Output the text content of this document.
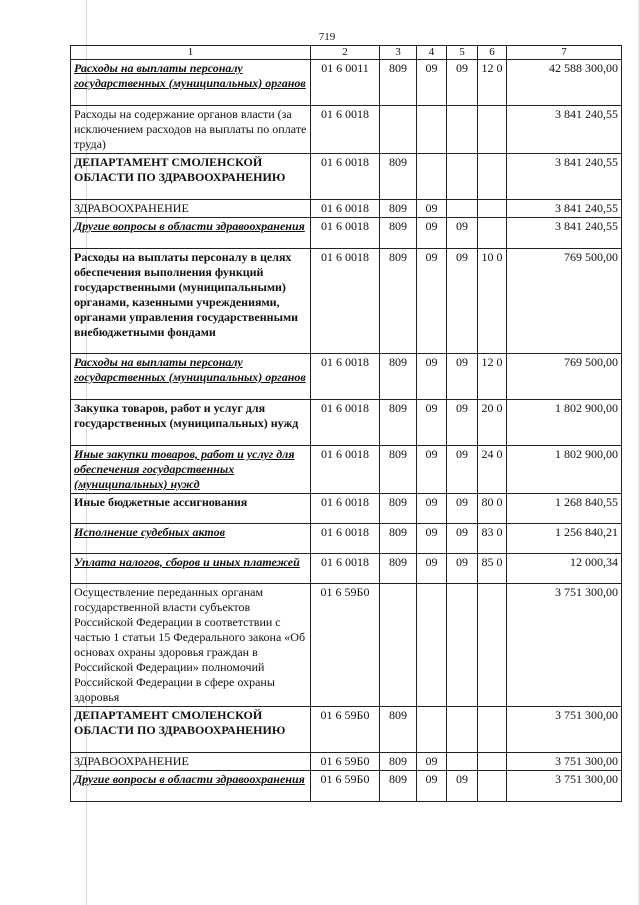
719
1	2	3	4	5	6	7
Расходы на выплаты персоналу государственных (муниципальных) органов	01 6 0011	809	09	09	12 0	42 588 300,00
Расходы на содержание органов власти (за исключением расходов на выплаты по оплате труда)	01 6 0018					3 841 240,55
ДЕПАРТАМЕНТ СМОЛЕНСКОЙ ОБЛАСТИ ПО ЗДРАВООХРАНЕНИЮ	01 6 0018	809				3 841 240,55
ЗДРАВООХРАНЕНИЕ	01 6 0018	809	09			3 841 240,55
Другие вопросы в области здравоохранения	01 6 0018	809	09	09		3 841 240,55
Расходы на выплаты персоналу в целях обеспечения выполнения функций государственными (муниципальными) органами, казенными учреждениями, органами управления государственными внебюджетными фондами	01 6 0018	809	09	09	10 0	769 500,00
Расходы на выплаты персоналу государственных (муниципальных) органов	01 6 0018	809	09	09	12 0	769 500,00
Закупка товаров, работ и услуг для государственных (муниципальных) нужд	01 6 0018	809	09	09	20 0	1 802 900,00
Иные закупки товаров, работ и услуг для обеспечения государственных (муниципальных) нужд	01 6 0018	809	09	09	24 0	1 802 900,00
Иные бюджетные ассигнования	01 6 0018	809	09	09	80 0	1 268 840,55
Исполнение судебных актов	01 6 0018	809	09	09	83 0	1 256 840,21
Уплата налогов, сборов и иных платежей	01 6 0018	809	09	09	85 0	12 000,34
Осуществление переданных органам государственной власти субъектов Российской Федерации в соответствии с частью 1 статьи 15 Федерального закона «Об основах охраны здоровья граждан в Российской Федерации» полномочий Российской Федерации в сфере охраны здоровья	01 6 59Б0					3 751 300,00
ДЕПАРТАМЕНТ СМОЛЕНСКОЙ ОБЛАСТИ ПО ЗДРАВООХРАНЕНИЮ	01 6 59Б0	809				3 751 300,00
ЗДРАВООХРАНЕНИЕ	01 6 59Б0	809	09			3 751 300,00
Другие вопросы в области здравоохранения	01 6 59Б0	809	09	09		3 751 300,00
